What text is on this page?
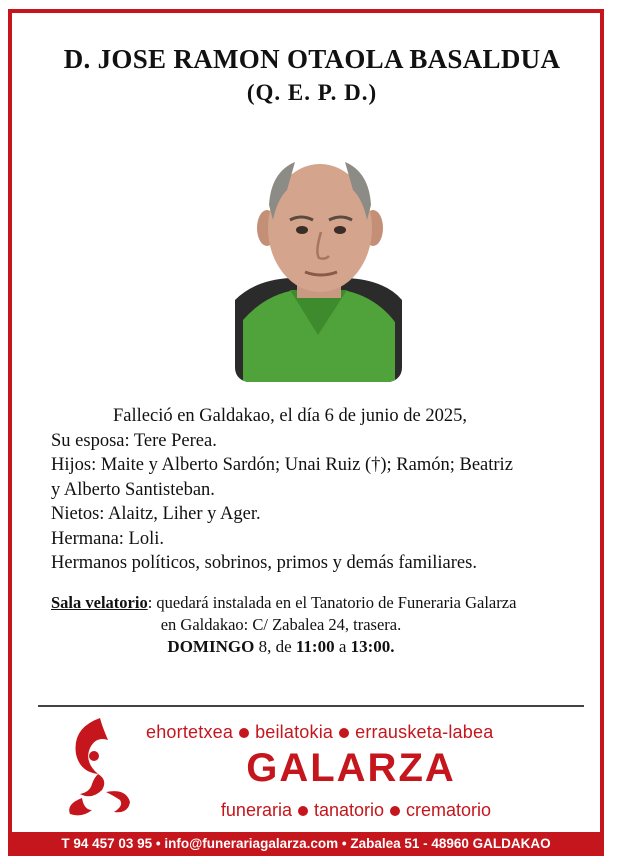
D. JOSE RAMON OTAOLA BASALDUA
(Q. E. P. D.)
Falleció en Galdakao, el día 6 de junio de 2025,
Su esposa: Tere Perea.
Hijos: Maite y Alberto Sardón; Unai Ruiz (†); Ramón; Beatriz
y Alberto Santisteban.
Nietos: Alaitz, Liher y Ager.
Hermana: Loli.
Hermanos políticos, sobrinos, primos y demás familiares.
Sala velatorio: quedará instalada en el Tanatorio de Funeraria Galarza
en Galdakao: C/ Zabalea 24, trasera.
DOMINGO 8, de 11:00 a 13:00.
ehortetxea beilatokia errausketa-labea
GALARZA
funeraria tanatorio crematorio
T 94 457 03 95 • info@funerariagalarza.com • Zabalea 51 - 48960 GALDAKAO
